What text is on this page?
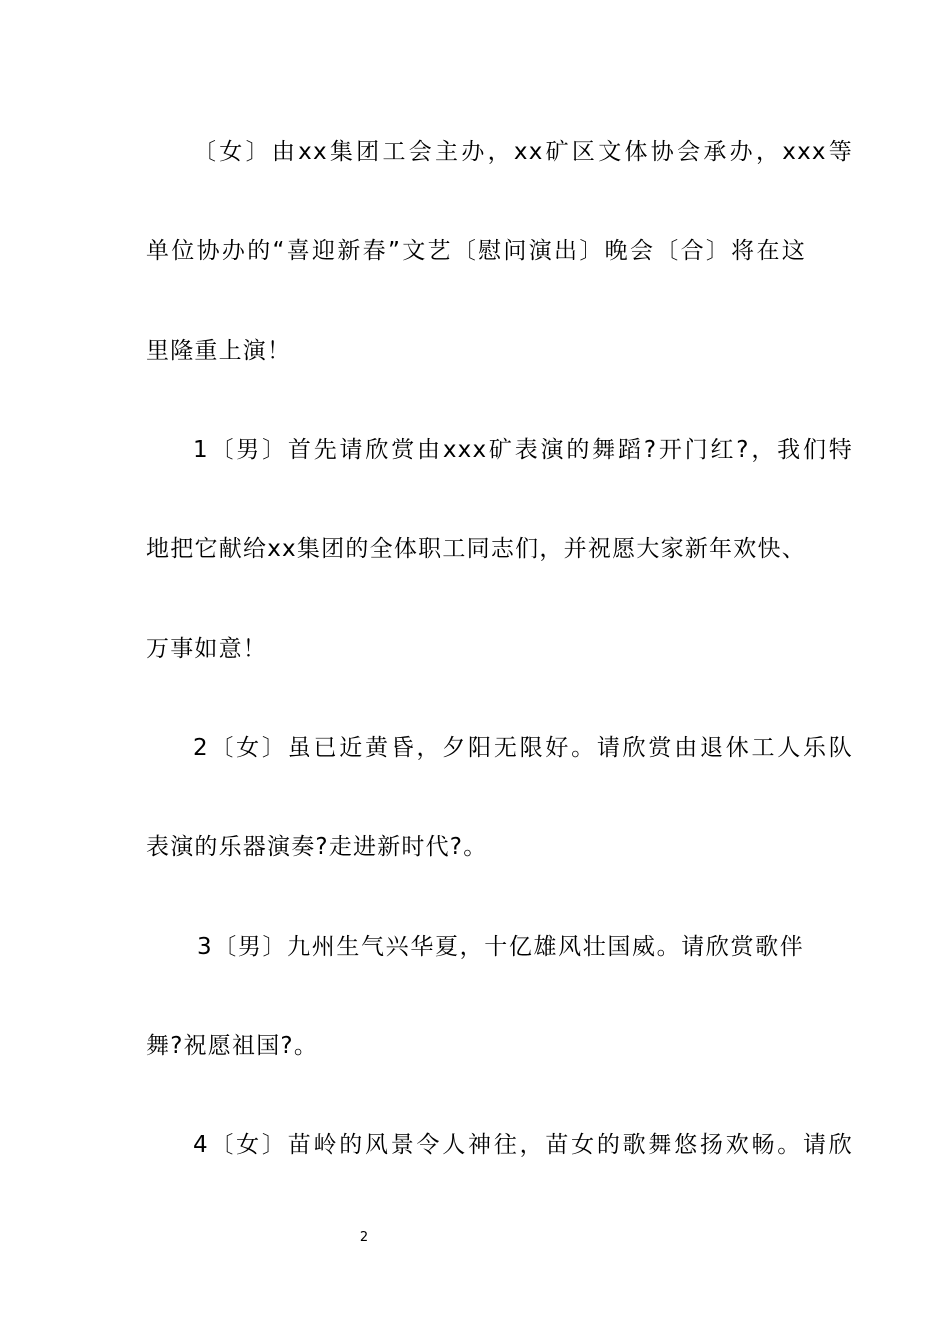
〔女〕由xx集团工会主办，xx矿区文体协会承办，xxx等
单位协办的“喜迎新春”文艺〔慰问演出〕晚会〔合〕将在这
里隆重上演！
1〔男〕首先请欣赏由xxx矿表演的舞蹈?开门红?，我们特
地把它献给xx集团的全体职工同志们，并祝愿大家新年欢快、
万事如意！
2〔女〕虽已近黄昏，夕阳无限好。请欣赏由退休工人乐队
表演的乐器演奏?走进新时代?。
3〔男〕九州生气兴华夏，十亿雄风壮国威。请欣赏歌伴
舞?祝愿祖国?。
4〔女〕苗岭的风景令人神往，苗女的歌舞悠扬欢畅。请欣
2
